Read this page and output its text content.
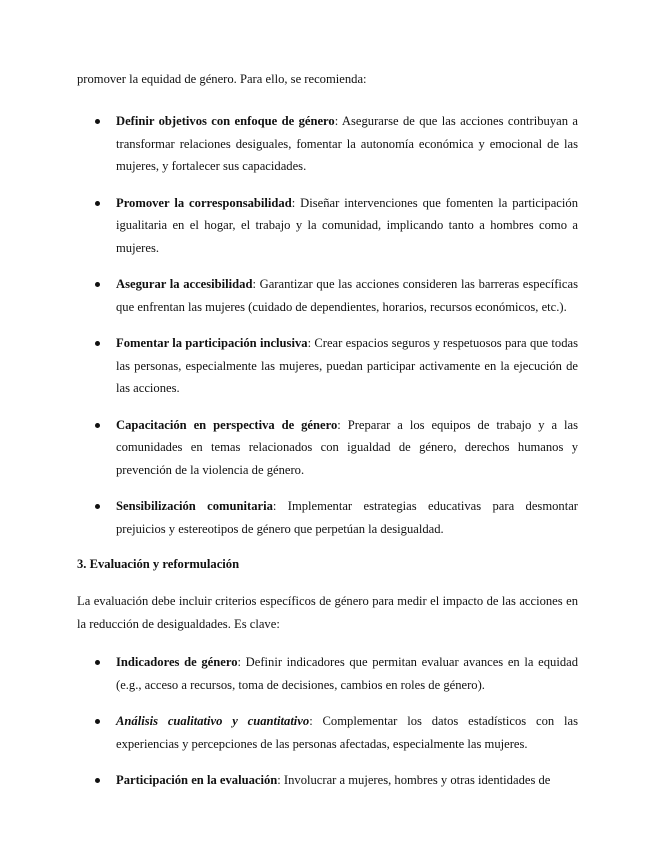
promover la equidad de género. Para ello, se recomienda:

Definir objetivos con enfoque de género: Asegurarse de que las acciones contribuyan a transformar relaciones desiguales, fomentar la autonomía económica y emocional de las mujeres, y fortalecer sus capacidades.
Promover la corresponsabilidad: Diseñar intervenciones que fomenten la participación igualitaria en el hogar, el trabajo y la comunidad, implicando tanto a hombres como a mujeres.
Asegurar la accesibilidad: Garantizar que las acciones consideren las barreras específicas que enfrentan las mujeres (cuidado de dependientes, horarios, recursos económicos, etc.).
Fomentar la participación inclusiva: Crear espacios seguros y respetuosos para que todas las personas, especialmente las mujeres, puedan participar activamente en la ejecución de las acciones.
Capacitación en perspectiva de género: Preparar a los equipos de trabajo y a las comunidades en temas relacionados con igualdad de género, derechos humanos y prevención de la violencia de género.
Sensibilización comunitaria: Implementar estrategias educativas para desmontar prejuicios y estereotipos de género que perpetúan la desigualdad.
3. Evaluación y reformulación

La evaluación debe incluir criterios específicos de género para medir el impacto de las acciones en la reducción de desigualdades. Es clave:

Indicadores de género: Definir indicadores que permitan evaluar avances en la equidad (e.g., acceso a recursos, toma de decisiones, cambios en roles de género).
Análisis cualitativo y cuantitativo: Complementar los datos estadísticos con las experiencias y percepciones de las personas afectadas, especialmente las mujeres.
Participación en la evaluación: Involucrar a mujeres, hombres y otras identidades de
